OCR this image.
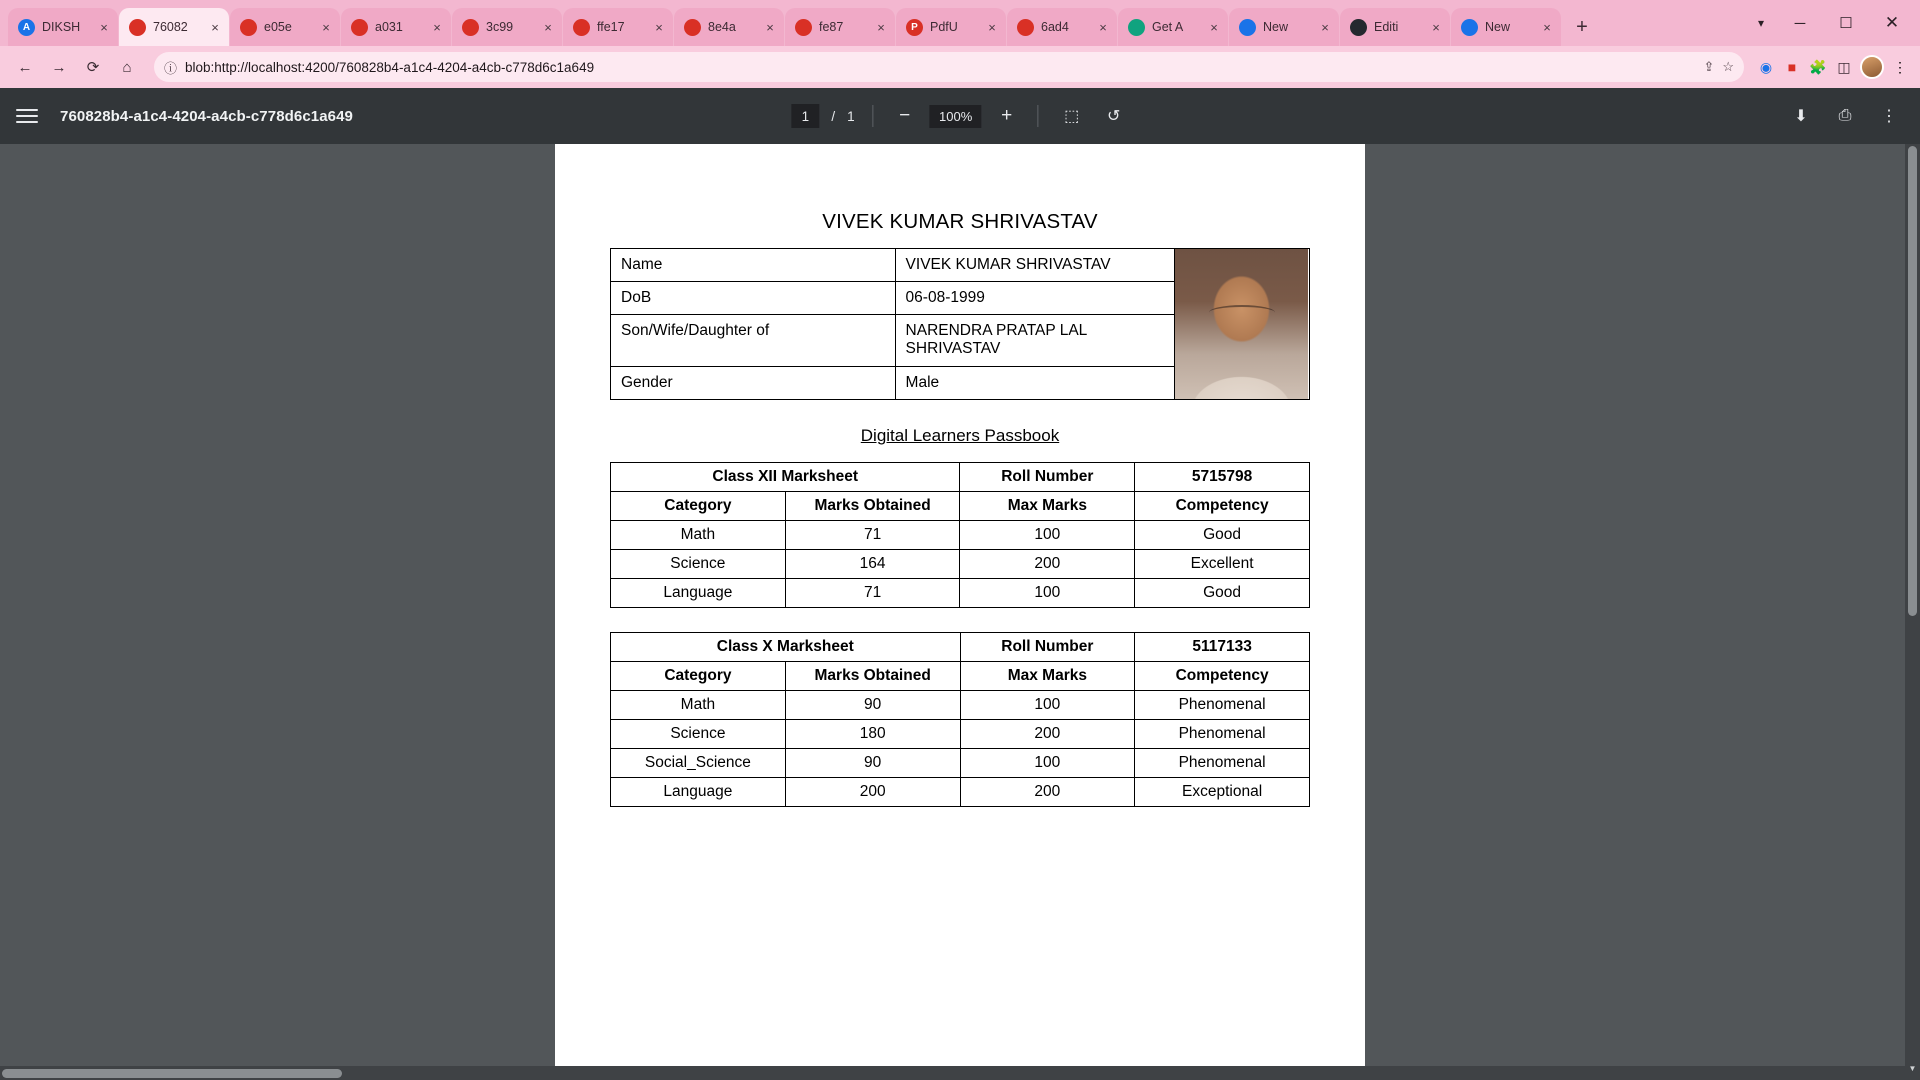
A DIKSH	×	76082	×	e05e	×	a031	×	3c99	×	ffe17	×	8e4a	×	fe87	×	P PdfU	×	6ad4	×	Get A	×	New	×	Editi	×	New	×	+	▾	─	☐	✕
←	→	⟳	⌂	ⓘ blob:http://localhost:4200/760828b4-a1c4-4204-a4cb-c778d6c1a649	⇪ ☆ ◉	■ 🧩 ◫	⋮
760828b4-a1c4-4204-a4cb-c778d6c1a649
1	/ 1	−	100%	+	⬚	↺	⬇	⎙	⋮
VIVEK KUMAR SHRIVASTAV
Name	VIVEK KUMAR SHRIVASTAV	

DoB	06-08-1999	
Son/Wife/Daughter of	NARENDRA PRATAP LAL SHRIVASTAV	
Gender	Male	
Digital Learners Passbook
Class XII Marksheet		Roll Number	5715798
Category	Marks Obtained	Max Marks	Competency
Math	71	100	Good
Science	164	200	Excellent
Language	71	100	Good
Class X Marksheet		Roll Number	5117133
Category	Marks Obtained	Max Marks	Competency
Math	90	100	Phenomenal
Science	180	200	Phenomenal
Social_Science	90	100	Phenomenal
Language	200	200	Exceptional
▼
